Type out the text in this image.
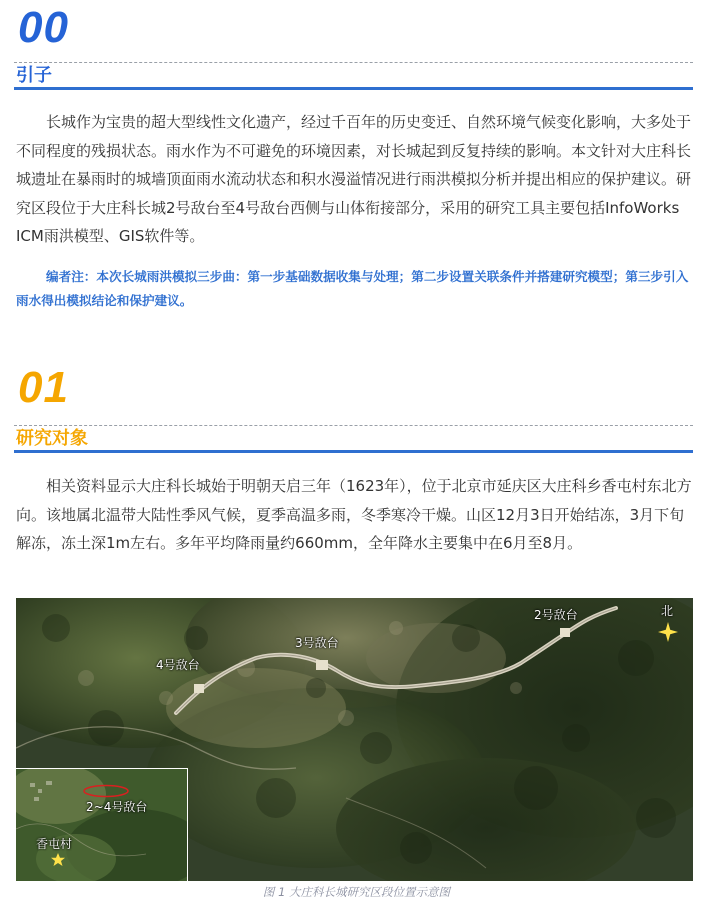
00
引子
长城作为宝贵的超大型线性文化遗产，经过千百年的历史变迁、自然环境气候变化影响，大多处于不同程度的残损状态。雨水作为不可避免的环境因素，对长城起到反复持续的影响。本文针对大庄科长城遗址在暴雨时的城墙顶面雨水流动状态和积水漫溢情况进行雨洪模拟分析并提出相应的保护建议。研究区段位于大庄科长城2号敌台至4号敌台西侧与山体衔接部分，采用的研究工具主要包括InfoWorks ICM雨洪模型、GIS软件等。
编者注：本次长城雨洪模拟三步曲：第一步基础数据收集与处理；第二步设置关联条件并搭建研究模型；第三步引入雨水得出模拟结论和保护建议。
01
研究对象
相关资料显示大庄科长城始于明朝天启三年（1623年），位于北京市延庆区大庄科乡香屯村东北方向。该地属北温带大陆性季风气候，夏季高温多雨，冬季寒冷干燥。山区12月3日开始结冻，3月下旬解冻，冻土深1m左右。多年平均降雨量约660mm，全年降水主要集中在6月至8月。
2号敌台
3号敌台
4号敌台
北
2~4号敌台
香屯村
图 1 大庄科长城研究区段位置示意图
